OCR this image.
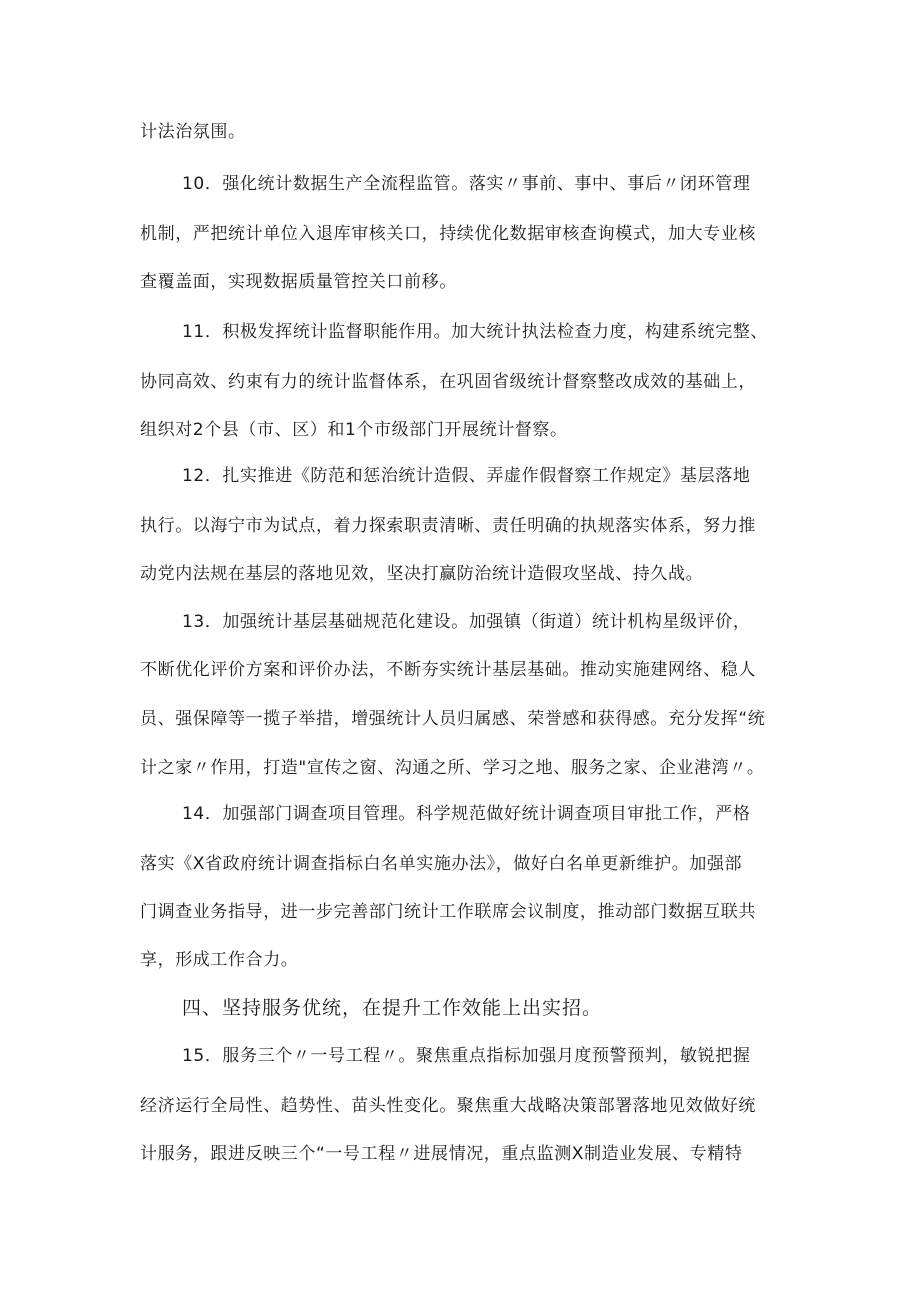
计法治氛围。
10．强化统计数据生产全流程监管。落实〃事前、事中、事后〃闭环管理
机制，严把统计单位入退库审核关口，持续优化数据审核查询模式，加大专业核
查覆盖面，实现数据质量管控关口前移。
11．积极发挥统计监督职能作用。加大统计执法检查力度，构建系统完整、
协同高效、约束有力的统计监督体系，在巩固省级统计督察整改成效的基础上，
组织对2个县（市、区）和1个市级部门开展统计督察。
12．扎实推进《防范和惩治统计造假、弄虚作假督察工作规定》基层落地
执行。以海宁市为试点，着力探索职责清晰、责任明确的执规落实体系，努力推
动党内法规在基层的落地见效，坚决打赢防治统计造假攻坚战、持久战。
13．加强统计基层基础规范化建设。加强镇（街道）统计机构星级评价，
不断优化评价方案和评价办法，不断夯实统计基层基础。推动实施建网络、稳人
员、强保障等一揽子举措，增强统计人员归属感、荣誉感和获得感。充分发挥“统
计之家〃作用，打造"宣传之窗、沟通之所、学习之地、服务之家、企业港湾〃。
14．加强部门调查项目管理。科学规范做好统计调查项目审批工作，严格
落实《X省政府统计调查指标白名单实施办法》，做好白名单更新维护。加强部
门调查业务指导，进一步完善部门统计工作联席会议制度，推动部门数据互联共
享，形成工作合力。
四、坚持服务优统，在提升工作效能上出实招。
15．服务三个〃一号工程〃。聚焦重点指标加强月度预警预判，敏锐把握
经济运行全局性、趋势性、苗头性变化。聚焦重大战略决策部署落地见效做好统
计服务，跟进反映三个“一号工程〃进展情况，重点监测X制造业发展、专精特
